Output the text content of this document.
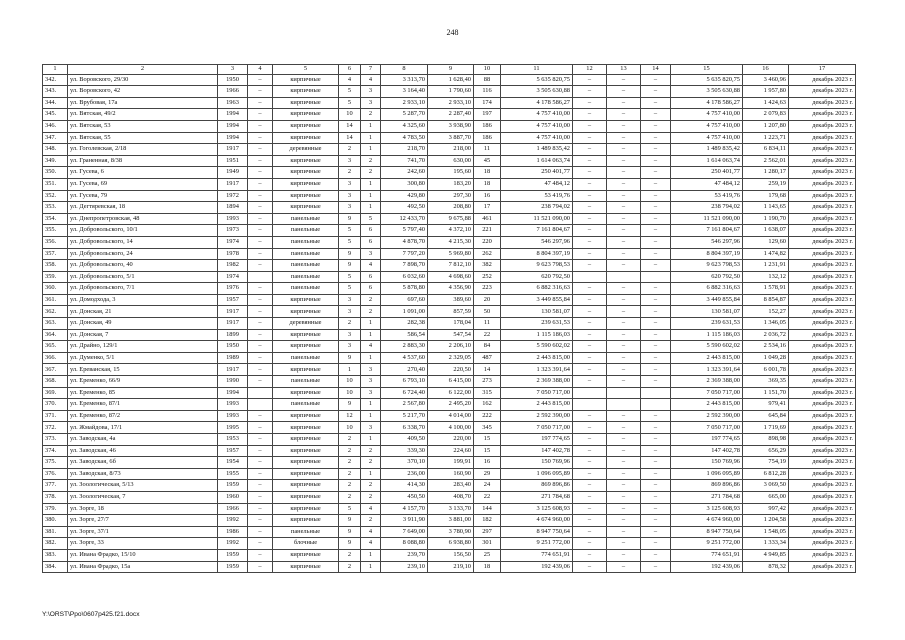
248
1	2	3	4	5	6	7	8	9	10	11	12	13	14	15	16	17
342.	ул. Воровского, 29/30	1950	–	кирпичные	4	4	3 313,70	1 628,40	88	5 635 820,75	–	–	–	5 635 820,75	3 460,96	декабрь 2023 г.
343.	ул. Воровского, 42	1966	–	кирпичные	5	3	3 164,40	1 790,60	116	3 505 630,88	–	–	–	3 505 630,88	1 957,80	декабрь 2023 г.
344.	ул. Врубовая, 17а	1963	–	кирпичные	5	3	2 933,10	2 933,10	174	4 178 586,27	–	–	–	4 178 586,27	1 424,63	декабрь 2023 г.
345.	ул. Вятская, 49/2	1994	–	кирпичные	10	2	5 287,70	2 287,40	197	4 757 410,00	–	–	–	4 757 410,00	2 079,83	декабрь 2023 г.
346.	ул. Вятская, 53	1994	–	кирпичные	14	1	4 325,60	3 938,90	186	4 757 410,00	–	–	–	4 757 410,00	1 207,80	декабрь 2023 г.
347.	ул. Вятская, 55	1994	–	кирпичные	14	1	4 783,50	3 887,70	186	4 757 410,00	–	–	–	4 757 410,00	1 223,71	декабрь 2023 г.
348.	ул. Гоголевская, 2/18	1917	–	деревянные	2	1	218,70	218,00	11	1 489 835,42	–	–	–	1 489 835,42	6 834,11	декабрь 2023 г.
349.	ул. Граненная, 8/38	1951	–	кирпичные	3	2	741,70	630,00	45	1 614 063,74	–	–	–	1 614 063,74	2 562,01	декабрь 2023 г.
350.	ул. Гусева, 6	1949	–	кирпичные	2	2	242,60	195,60	18	250 401,77	–	–	–	250 401,77	1 280,17	декабрь 2023 г.
351.	ул. Гусева, 69	1917	–	кирпичные	3	1	300,80	183,20	18	47 484,12	–	–	–	47 484,12	259,19	декабрь 2023 г.
352.	ул. Гусева, 79	1972	–	кирпичные	3	1	429,80	297,30	16	53 419,76	–	–	–	53 419,76	179,68	декабрь 2023 г.
353.	ул. Дегтяревская, 18	1894	–	кирпичные	3	1	492,50	208,80	17	238 794,02	–	–	–	238 794,02	1 143,65	декабрь 2023 г.
354.	ул. Днепропетровская, 48	1993	–	панельные	9	5	12 433,70	9 675,88	461	11 521 090,00	–	–	–	11 521 090,00	1 190,70	декабрь 2023 г.
355.	ул. Добровольского, 10/1	1973	–	панельные	5	6	5 797,40	4 372,10	221	7 161 804,67	–	–	–	7 161 804,67	1 638,07	декабрь 2023 г.
356.	ул. Добровольского, 14	1974	–	панельные	5	6	4 878,70	4 215,30	220	546 297,96	–	–	–	546 297,96	129,60	декабрь 2023 г.
357.	ул. Добровольского, 24	1978	–	панельные	9	3	7 797,20	5 969,80	262	8 804 397,19	–	–	–	8 804 397,19	1 474,82	декабрь 2023 г.
358.	ул. Добровольского, 40	1982	–	панельные	9	4	7 898,70	7 812,10	382	9 623 798,53	–	–	–	9 623 798,53	1 231,91	декабрь 2023 г.
359.	ул. Добровольского, 5/1	1974		панельные	5	6	6 032,60	4 698,60	252	620 792,50				620 792,50	132,12	декабрь 2023 г.
360.	ул. Добровольского, 7/1	1976	–	панельные	5	6	5 878,80	4 356,90	223	6 882 316,63	–	–	–	6 882 316,63	1 578,91	декабрь 2023 г.
361.	ул. Домодхода, 3	1957	–	кирпичные	3	2	697,60	389,60	20	3 449 855,84	–	–	–	3 449 855,84	8 854,87	декабрь 2023 г.
362.	ул. Донская, 21	1917	–	кирпичные	3	2	1 091,00	857,59	50	130 581,07	–	–	–	130 581,07	152,27	декабрь 2023 г.
363.	ул. Донская, 49	1917	–	деревянные	2	1	282,38	178,04	11	239 631,53	–	–	–	239 631,53	1 346,05	декабрь 2023 г.
364.	ул. Донская, 7	1899	–	кирпичные	3	1	586,54	547,54	22	1 115 186,03	–	–	–	1 115 186,03	2 036,72	декабрь 2023 г.
365.	ул. Драйно, 129/1	1950	–	кирпичные	3	4	2 883,30	2 206,10	84	5 590 602,02	–	–	–	5 590 602,02	2 534,16	декабрь 2023 г.
366.	ул. Думенко, 5/1	1989	–	панельные	9	1	4 537,60	2 329,05	487	2 443 815,00	–	–	–	2 443 815,00	1 049,28	декабрь 2023 г.
367.	ул. Ереванская, 15	1917	–	кирпичные	1	3	270,40	220,50	14	1 323 391,64	–	–	–	1 323 391,64	6 001,78	декабрь 2023 г.
368.	ул. Еременко, 66/9	1990	–	панельные	10	3	6 793,10	6 415,00	273	2 369 388,00	–	–	–	2 369 388,00	369,35	декабрь 2023 г.
369.	ул. Еременко, 85	1994		кирпичные	10	3	6 724,40	6 122,00	315	7 050 717,00				7 050 717,00	1 151,70	декабрь 2023 г.
370.	ул. Еременко, 87/1	1993		панельные	9	1	2 567,80	2 495,20	162	2 443 815,00				2 443 815,00	979,41	декабрь 2023 г.
371.	ул. Еременко, 87/2	1993	–	кирпичные	12	1	5 217,70	4 014,00	222	2 592 390,00	–	–	–	2 592 390,00	645,84	декабрь 2023 г.
372.	ул. Жмайдова, 17/1	1995	–	кирпичные	10	3	6 338,70	4 100,00	345	7 050 717,00	–	–	–	7 050 717,00	1 719,69	декабрь 2023 г.
373.	ул. Заводская, 4а	1953	–	кирпичные	2	1	409,50	220,00	15	197 774,65	–	–	–	197 774,65	898,98	декабрь 2023 г.
374.	ул. Заводская, 46	1957	–	кирпичные	2	2	339,30	224,60	15	147 402,78	–	–	–	147 402,78	656,29	декабрь 2023 г.
375.	ул. Заводская, 6б	1954	–	кирпичные	2	2	370,10	199,91	16	150 769,96	–	–	–	150 769,96	754,19	декабрь 2023 г.
376.	ул. Заводская, 8/73	1955	–	кирпичные	2	1	236,00	160,90	29	1 096 095,89	–	–	–	1 096 095,89	6 812,28	декабрь 2023 г.
377.	ул. Зоологическая, 5/13	1959	–	кирпичные	2	2	414,30	283,40	24	869 896,86	–	–	–	869 896,86	3 069,50	декабрь 2023 г.
378.	ул. Зоологическая, 7	1960	–	кирпичные	2	2	450,50	408,70	22	271 784,68	–	–	–	271 784,68	665,00	декабрь 2023 г.
379.	ул. Зорге, 18	1966	–	кирпичные	5	4	4 157,70	3 133,70	144	3 125 608,93	–	–	–	3 125 608,93	997,42	декабрь 2023 г.
380.	ул. Зорге, 27/7	1992	–	кирпичные	9	2	3 911,90	3 881,00	182	4 674 960,00	–	–	–	4 674 960,00	1 204,58	декабрь 2023 г.
381.	ул. Зорге, 37/1	1986	–	панельные	9	4	7 649,00	3 780,90	297	8 947 750,64	–	–	–	8 947 750,64	1 548,05	декабрь 2023 г.
382.	ул. Зорге, 33	1992	–	блочные	9	4	8 088,80	6 938,80	301	9 251 772,00	–	–	–	9 251 772,00	1 333,34	декабрь 2023 г.
383.	ул. Ивана Фрадко, 15/10	1959	–	кирпичные	2	1	239,70	156,50	25	774 651,91	–	–	–	774 651,91	4 949,85	декабрь 2023 г.
384.	ул. Ивана Фрадко, 15а	1959	–	кирпичные	2	1	239,10	219,10	18	192 439,06	–	–	–	192 439,06	878,32	декабрь 2023 г.
Y:\ORST\Ppo\0607p425.f21.docx
